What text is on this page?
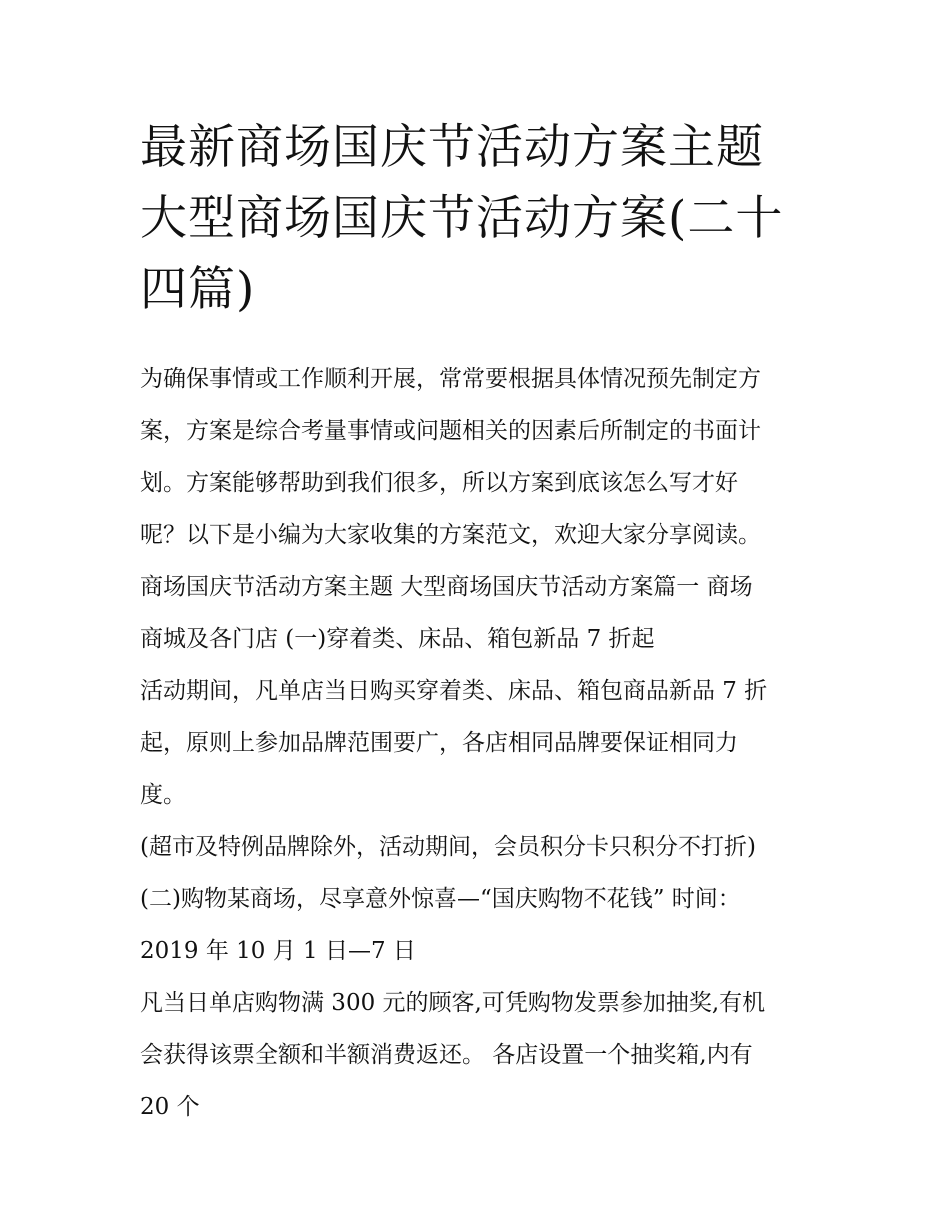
最新商场国庆节活动方案主题
大型商场国庆节活动方案(二十
四篇)

为确保事情或工作顺利开展，常常要根据具体情况预先制定方

案，方案是综合考量事情或问题相关的因素后所制定的书面计

划。方案能够帮助到我们很多，所以方案到底该怎么写才好

呢？以下是小编为大家收集的方案范文，欢迎大家分享阅读。

商场国庆节活动方案主题 大型商场国庆节活动方案篇一 商场

商城及各门店 (一)穿着类、床品、箱包新品 7 折起

活动期间，凡单店当日购买穿着类、床品、箱包商品新品 7 折

起，原则上参加品牌范围要广，各店相同品牌要保证相同力

度。

(超市及特例品牌除外，活动期间，会员积分卡只积分不打折)

(二)购物某商场，尽享意外惊喜—“国庆购物不花钱” 时间：

2019 年 10 月 1 日—7 日

凡当日单店购物满 300 元的顾客,可凭购物发票参加抽奖,有机

会获得该票全额和半额消费返还。 各店设置一个抽奖箱,内有

20 个
